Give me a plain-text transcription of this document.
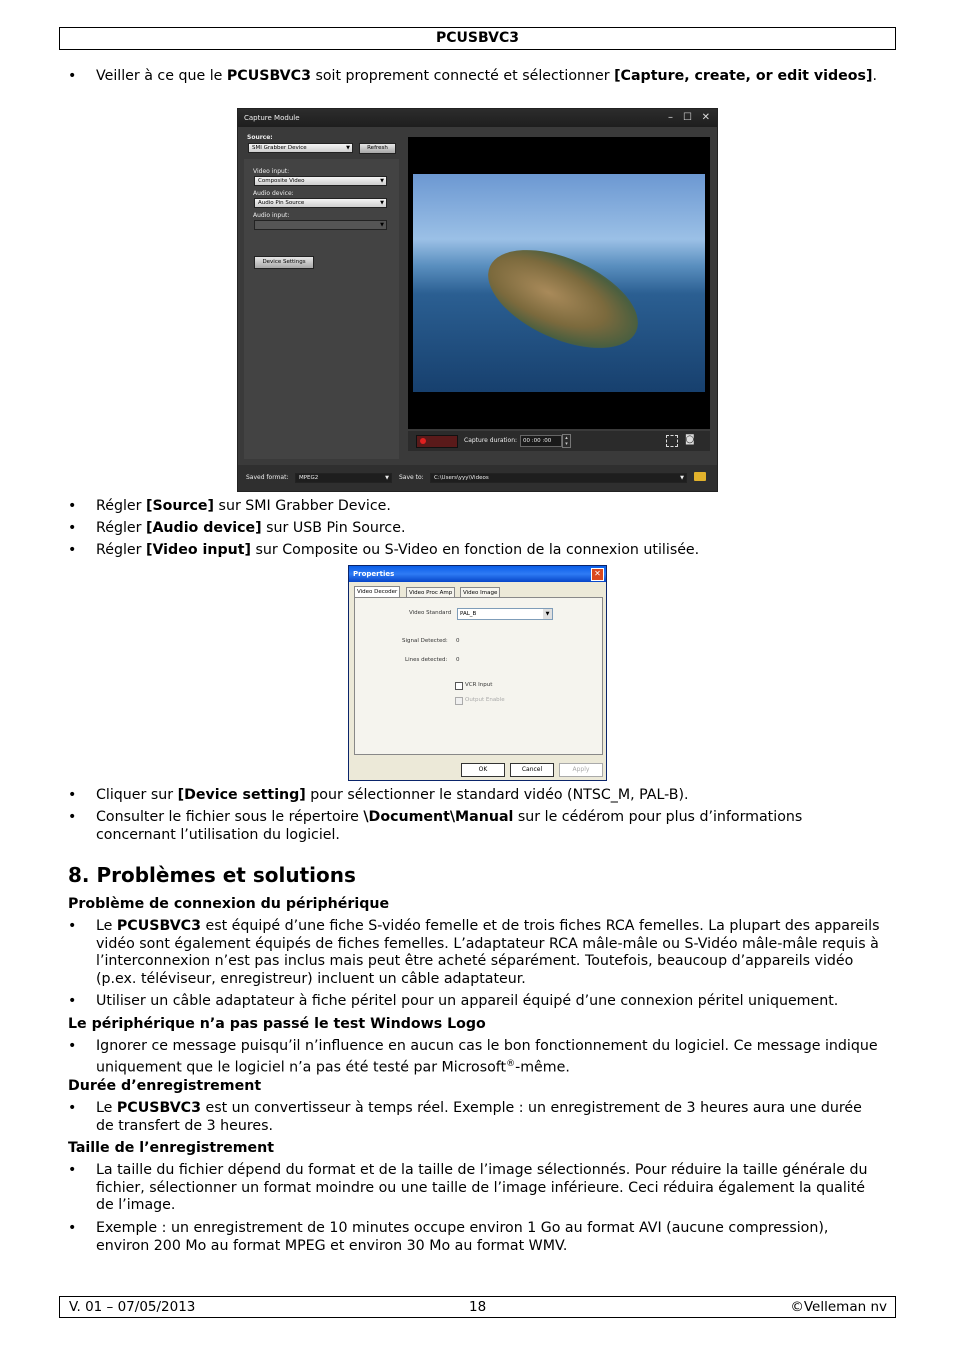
PCUSBVC3
• Veiller à ce que le PCUSBVC3 soit proprement connecté et sélectionner [Capture, create, or edit videos].
Capture Module	– ☐ ✕
Source:
SMI Grabber Device ▼	Refresh
Video input:
Composite Video ▼
Audio device:
Audio Pin Source ▼
Audio input:
▼
Device Settings
Capture duration:	00 :00 :00	▴
▾	◙
Saved format:	MPEG2 ▼	Save to:	C:\Users\yyy\Videos ▼
• Régler [Source] sur SMI Grabber Device.
• Régler [Audio device] sur USB Pin Source.
• Régler [Video input] sur Composite ou S-Video en fonction de la connexion utilisée.
Properties	✕
Video Decoder	Video Proc Amp	Video Image
Video Standard	PAL_B	▼
Signal Detected: 0
Lines detected: 0
VCR Input
Output Enable
OK	Cancel	Apply
• Cliquer sur [Device setting] pour sélectionner le standard vidéo (NTSC_M, PAL-B).
• Consulter le fichier sous le répertoire \Document\Manual sur le cédérom pour plus d’informations concernant l’utilisation du logiciel.
8. Problèmes et solutions
Problème de connexion du périphérique
• Le PCUSBVC3 est équipé d’une fiche S-vidéo femelle et de trois fiches RCA femelles. La plupart des appareils vidéo sont également équipés de fiches femelles. L’adaptateur RCA mâle-mâle ou S-Vidéo mâle-mâle requis à l’interconnexion n’est pas inclus mais peut être acheté séparément. Toutefois, beaucoup d’appareils vidéo (p.ex. téléviseur, enregistreur) incluent un câble adaptateur.
• Utiliser un câble adaptateur à fiche péritel pour un appareil équipé d’une connexion péritel uniquement.
Le périphérique n’a pas passé le test Windows Logo
• Ignorer ce message puisqu’il n’influence en aucun cas le bon fonctionnement du logiciel. Ce message indique uniquement que le logiciel n’a pas été testé par Microsoft®-même.
Durée d’enregistrement
• Le PCUSBVC3 est un convertisseur à temps réel. Exemple : un enregistrement de 3 heures aura une durée de transfert de 3 heures.
Taille de l’enregistrement
• La taille du fichier dépend du format et de la taille de l’image sélectionnés. Pour réduire la taille générale du fichier, sélectionner un format moindre ou une taille de l’image inférieure. Ceci réduira également la qualité de l’image.
• Exemple : un enregistrement de 10 minutes occupe environ 1 Go au format AVI (aucune compression), environ 200 Mo au format MPEG et environ 30 Mo au format WMV.
V. 01 – 07/05/2013	18	©Velleman nv
